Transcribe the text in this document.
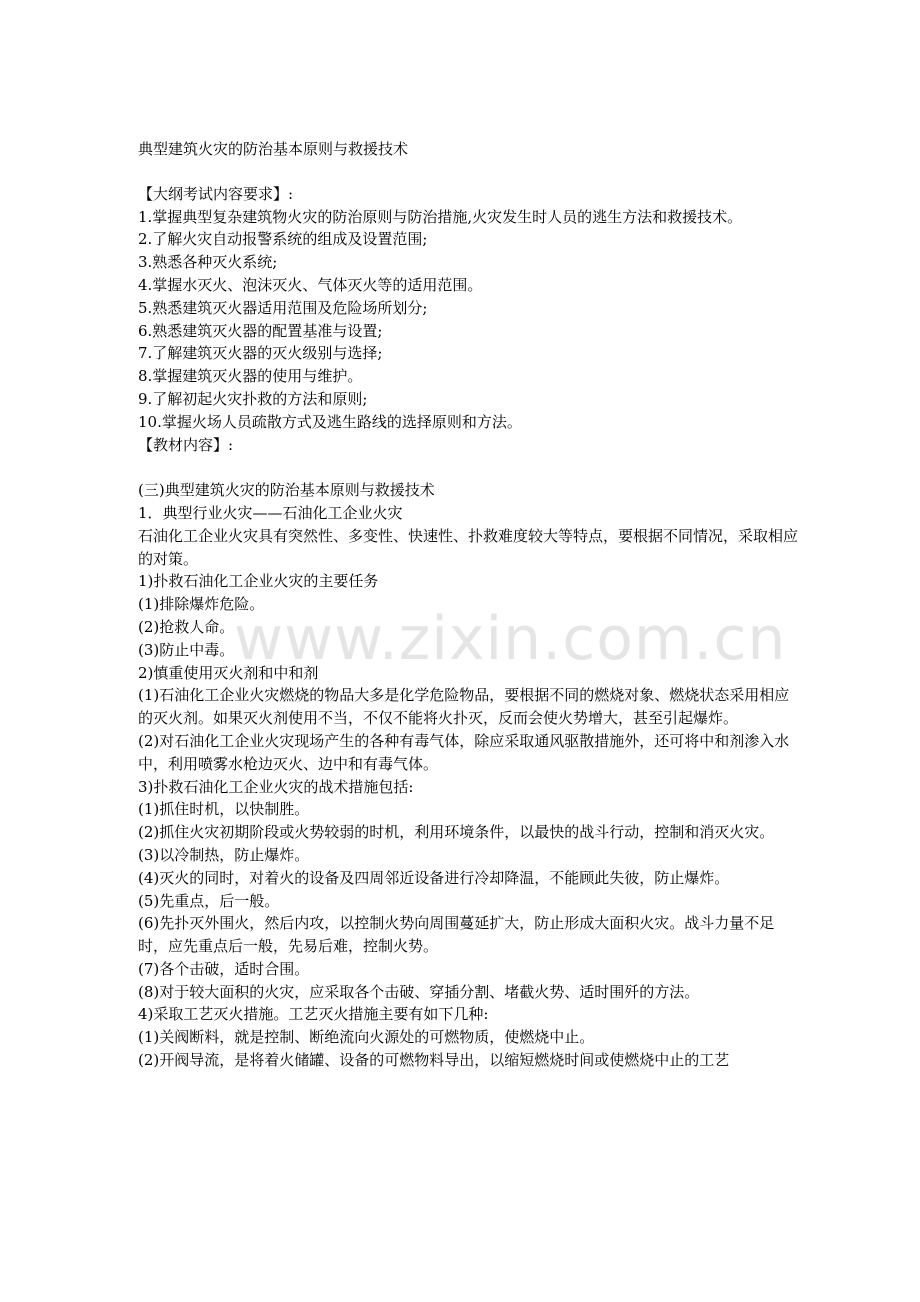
www.zixin.com.cn
典型建筑火灾的防治基本原则与救援技术
【大纲考试内容要求】:
1.掌握典型复杂建筑物火灾的防治原则与防治措施,火灾发生时人员的逃生方法和救援技术。
2.了解火灾自动报警系统的组成及设置范围;
3.熟悉各种灭火系统;
4.掌握水灭火、泡沫灭火、气体灭火等的适用范围。
5.熟悉建筑灭火器适用范围及危险场所划分;
6.熟悉建筑灭火器的配置基准与设置;
7.了解建筑灭火器的灭火级别与选择;
8.掌握建筑灭火器的使用与维护。
9.了解初起火灾扑救的方法和原则;
10.掌握火场人员疏散方式及逃生路线的选择原则和方法。
【教材内容】:
(三)典型建筑火灾的防治基本原则与救援技术
1．典型行业火灾——石油化工企业火灾
石油化工企业火灾具有突然性、多变性、快速性、扑救难度较大等特点，要根据不同情况，采取相应的对策。
1)扑救石油化工企业火灾的主要任务
(1)排除爆炸危险。
(2)抢救人命。
(3)防止中毒。
2)慎重使用灭火剂和中和剂
(1)石油化工企业火灾燃烧的物品大多是化学危险物品，要根据不同的燃烧对象、燃烧状态采用相应的灭火剂。如果灭火剂使用不当，不仅不能将火扑灭，反而会使火势增大，甚至引起爆炸。
(2)对石油化工企业火灾现场产生的各种有毒气体，除应采取通风驱散措施外，还可将中和剂渗入水中，利用喷雾水枪边灭火、边中和有毒气体。
3)扑救石油化工企业火灾的战术措施包括:
(1)抓住时机，以快制胜。
(2)抓住火灾初期阶段或火势较弱的时机，利用环境条件，以最快的战斗行动，控制和消灭火灾。
(3)以冷制热，防止爆炸。
(4)灭火的同时，对着火的设备及四周邻近设备进行冷却降温，不能顾此失彼，防止爆炸。
(5)先重点，后一般。
(6)先扑灭外围火，然后内攻，以控制火势向周围蔓延扩大，防止形成大面积火灾。战斗力量不足时，应先重点后一般，先易后难，控制火势。
(7)各个击破，适时合围。
(8)对于较大面积的火灾，应采取各个击破、穿插分割、堵截火势、适时围歼的方法。
4)采取工艺灭火措施。工艺灭火措施主要有如下几种:
(1)关阀断料，就是控制、断绝流向火源处的可燃物质，使燃烧中止。
(2)开阀导流，是将着火储罐、设备的可燃物料导出，以缩短燃烧时间或使燃烧中止的工艺
